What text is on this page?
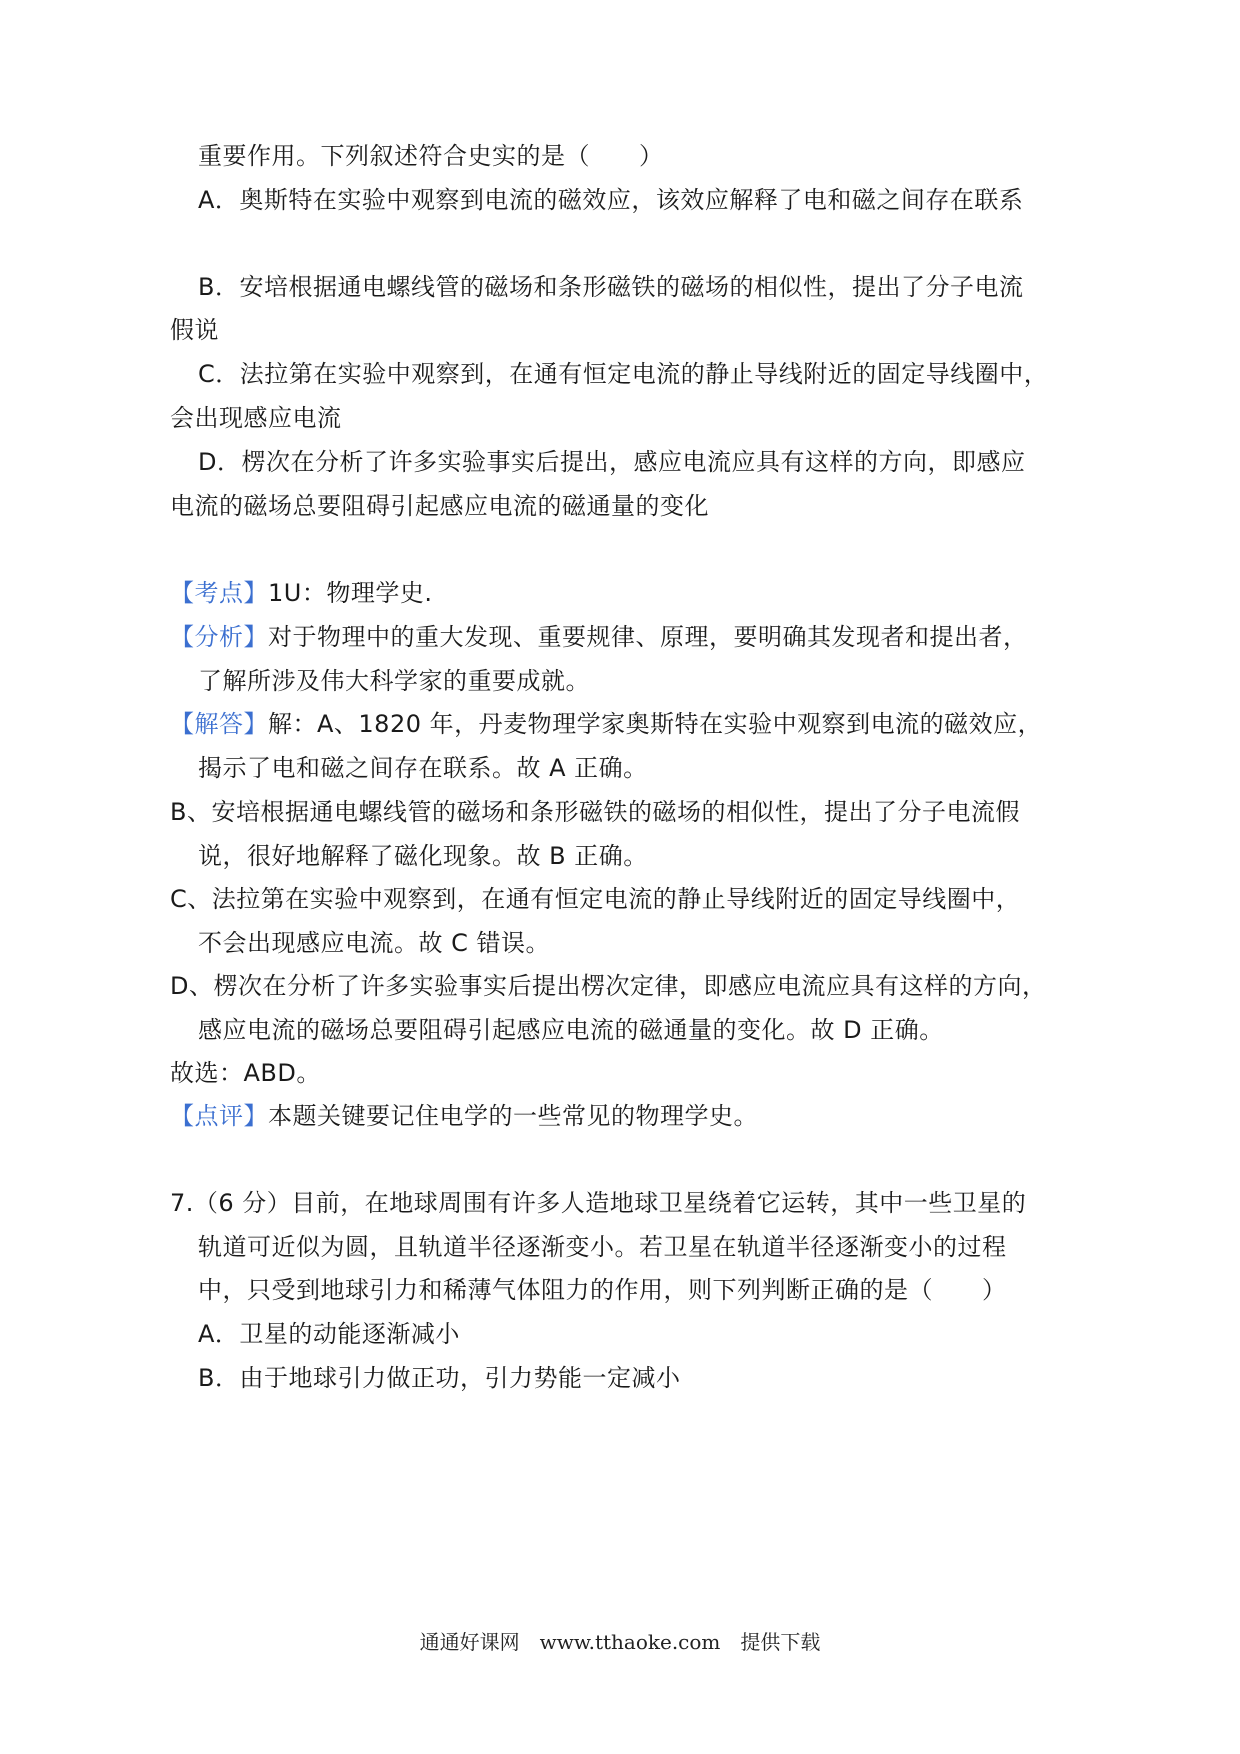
重要作用。下列叙述符合史实的是（　　）
A．奥斯特在实验中观察到电流的磁效应，该效应解释了电和磁之间存在联系
B．安培根据通电螺线管的磁场和条形磁铁的磁场的相似性，提出了分子电流
假说
C．法拉第在实验中观察到，在通有恒定电流的静止导线附近的固定导线圈中，
会出现感应电流
D．楞次在分析了许多实验事实后提出，感应电流应具有这样的方向，即感应
电流的磁场总要阻碍引起感应电流的磁通量的变化
【考点】1U：物理学史.
【分析】对于物理中的重大发现、重要规律、原理，要明确其发现者和提出者，
了解所涉及伟大科学家的重要成就。
【解答】解：A、1820 年，丹麦物理学家奥斯特在实验中观察到电流的磁效应，
揭示了电和磁之间存在联系。故 A 正确。
B、安培根据通电螺线管的磁场和条形磁铁的磁场的相似性，提出了分子电流假
说，很好地解释了磁化现象。故 B 正确。
C、法拉第在实验中观察到，在通有恒定电流的静止导线附近的固定导线圈中，
不会出现感应电流。故 C 错误。
D、楞次在分析了许多实验事实后提出楞次定律，即感应电流应具有这样的方向，
感应电流的磁场总要阻碍引起感应电流的磁通量的变化。故 D 正确。
故选：ABD。
【点评】本题关键要记住电学的一些常见的物理学史。
7.（6 分）目前，在地球周围有许多人造地球卫星绕着它运转，其中一些卫星的
轨道可近似为圆，且轨道半径逐渐变小。若卫星在轨道半径逐渐变小的过程
中，只受到地球引力和稀薄气体阻力的作用，则下列判断正确的是（　　）
A．卫星的动能逐渐减小
B．由于地球引力做正功，引力势能一定减小
通通好课网　www.tthaoke.com　提供下载
